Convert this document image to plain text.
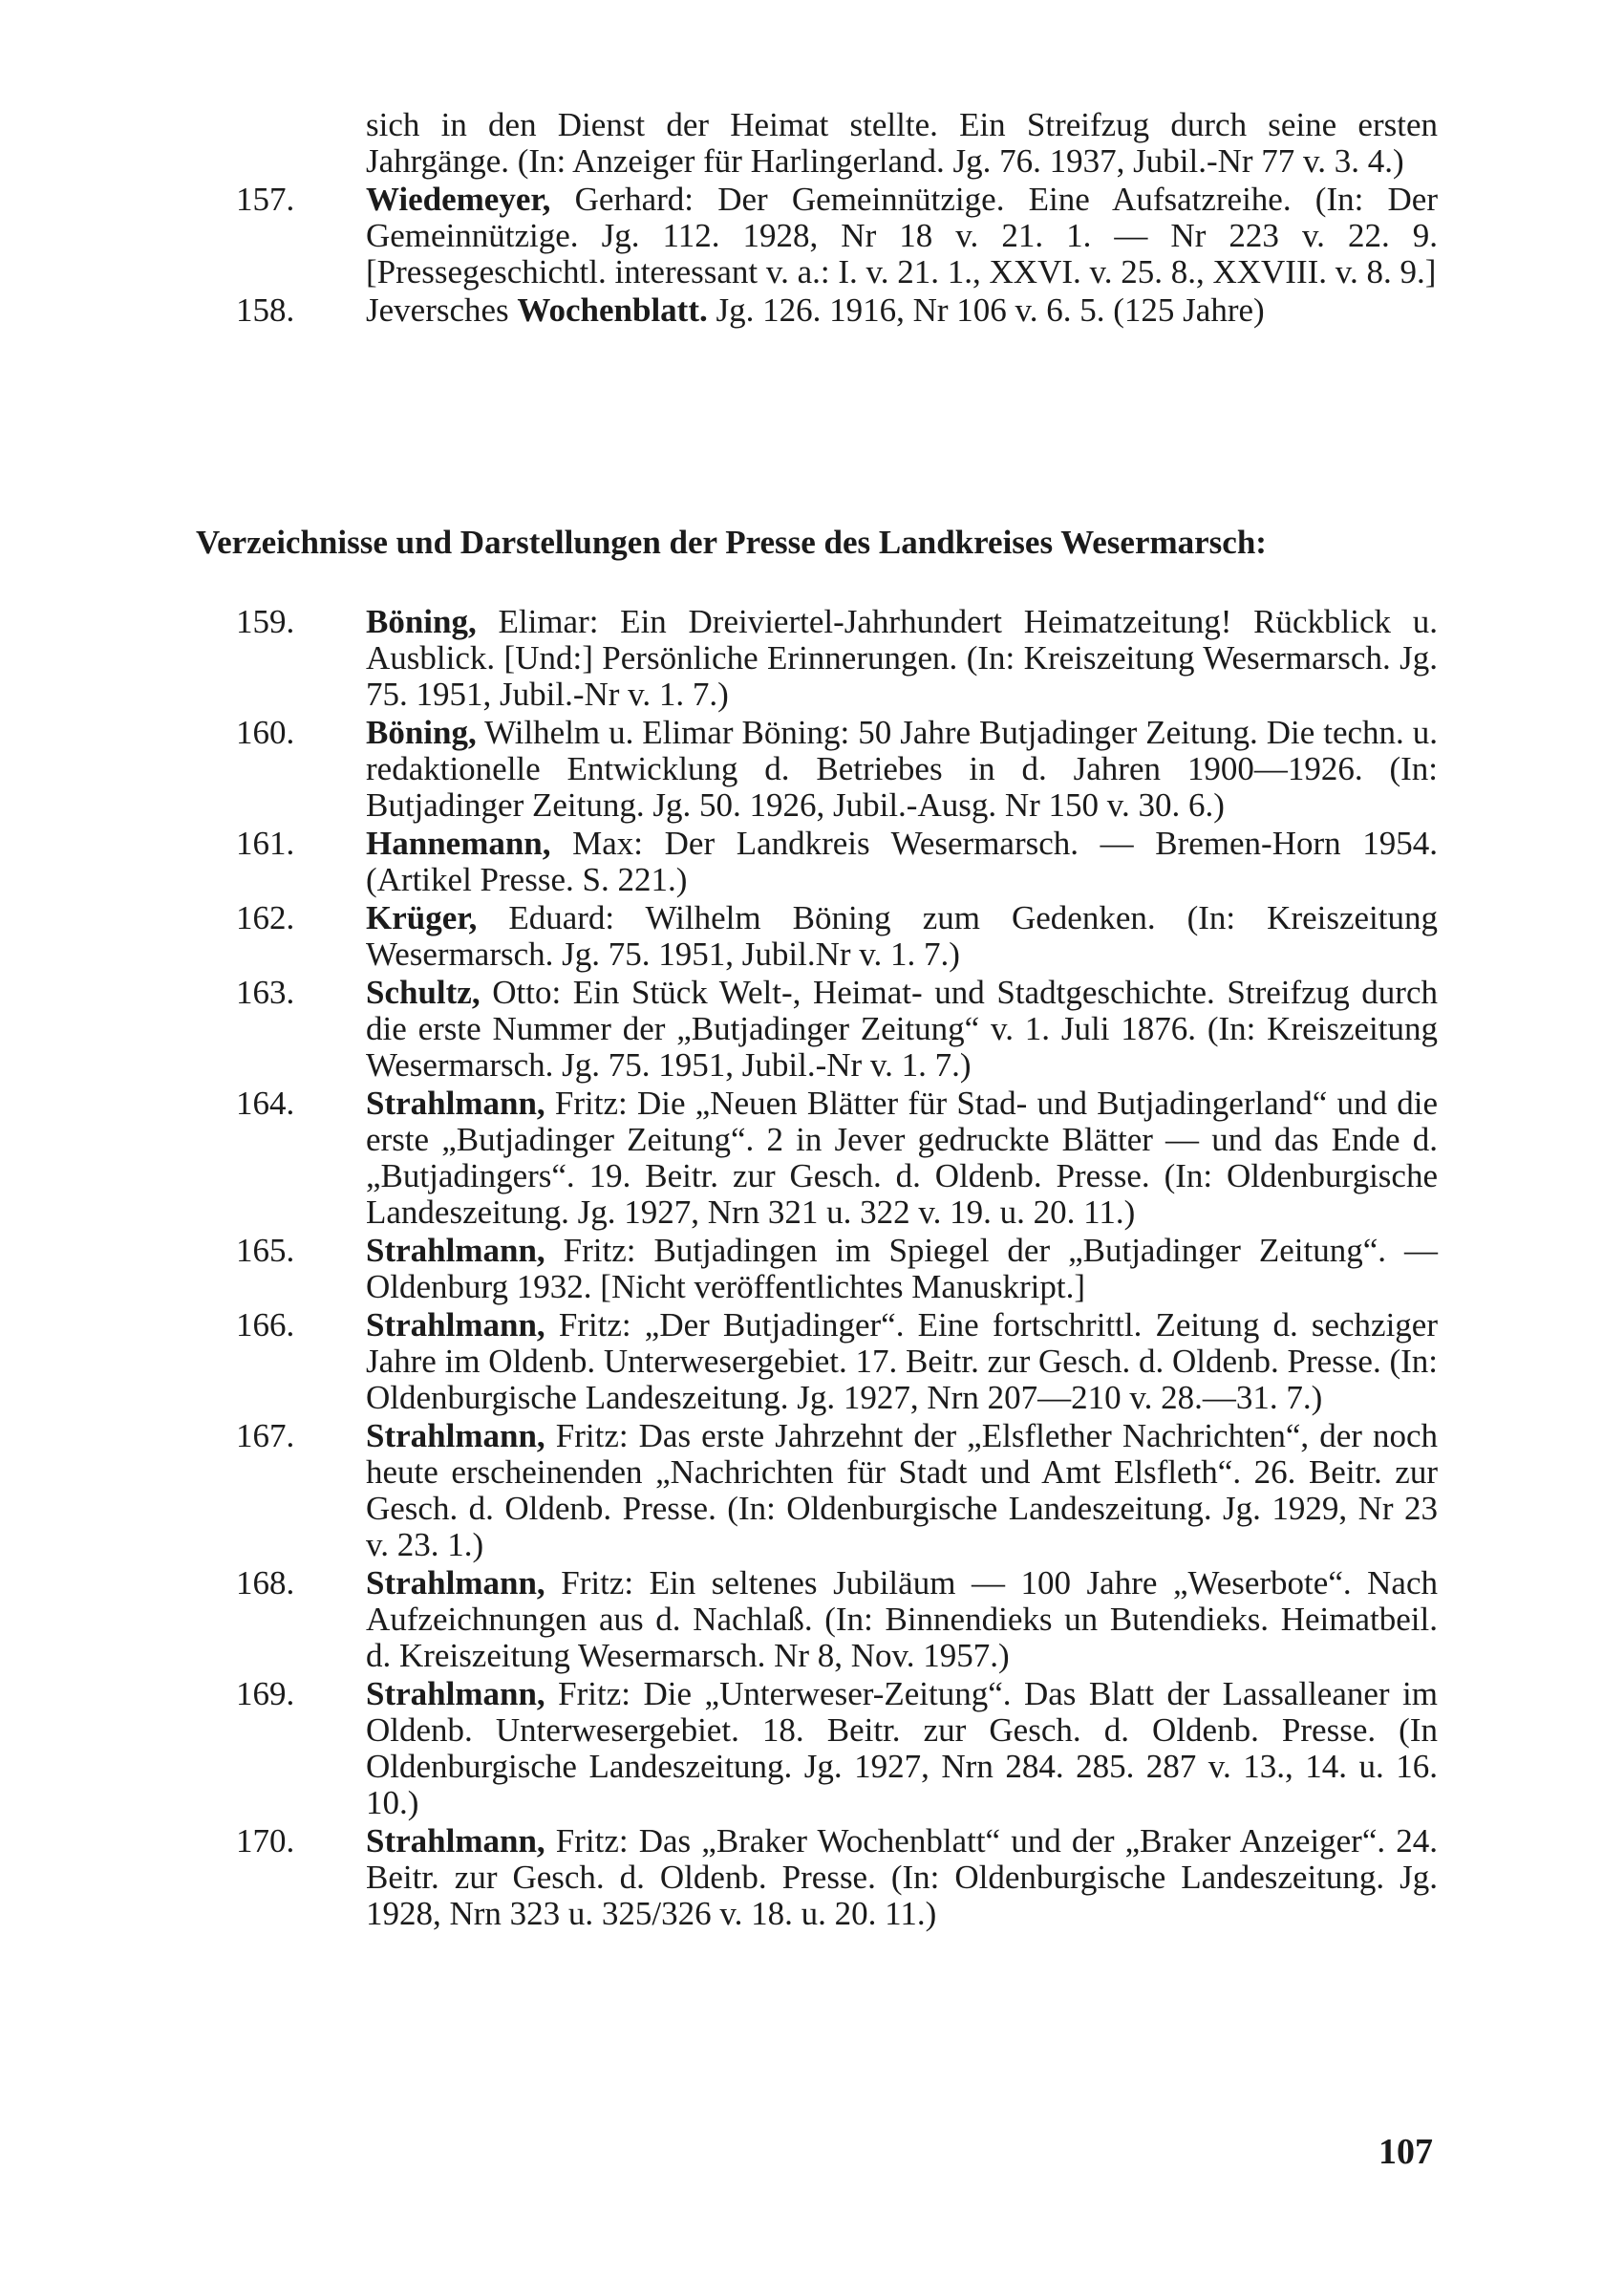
sich in den Dienst der Heimat stellte. Ein Streifzug durch seine ersten Jahrgänge. (In: Anzeiger für Harlingerland. Jg. 76. 1937, Jubil.-Nr 77 v. 3. 4.)
157. Wiedemeyer, Gerhard: Der Gemeinnützige. Eine Aufsatzreihe. (In: Der Gemeinnützige. Jg. 112. 1928, Nr 18 v. 21. 1. — Nr 223 v. 22. 9. [Pressegeschichtl. interessant v. a.: I. v. 21. 1., XXVI. v. 25. 8., XXVIII. v. 8. 9.]
158. Jeversches Wochenblatt. Jg. 126. 1916, Nr 106 v. 6. 5. (125 Jahre)
Verzeichnisse und Darstellungen der Presse des Landkreises Wesermarsch:
159. Böning, Elimar: Ein Dreiviertel-Jahrhundert Heimatzeitung! Rückblick u. Ausblick. [Und:] Persönliche Erinnerungen. (In: Kreiszeitung Wesermarsch. Jg. 75. 1951, Jubil.-Nr v. 1. 7.)
160. Böning, Wilhelm u. Elimar Böning: 50 Jahre Butjadinger Zeitung. Die techn. u. redaktionelle Entwicklung d. Betriebes in d. Jahren 1900—1926. (In: Butjadinger Zeitung. Jg. 50. 1926, Jubil.-Ausg. Nr 150 v. 30. 6.)
161. Hannemann, Max: Der Landkreis Wesermarsch. — Bremen-Horn 1954. (Artikel Presse. S. 221.)
162. Krüger, Eduard: Wilhelm Böning zum Gedenken. (In: Kreiszeitung Wesermarsch. Jg. 75. 1951, Jubil.Nr v. 1. 7.)
163. Schultz, Otto: Ein Stück Welt-, Heimat- und Stadtgeschichte. Streifzug durch die erste Nummer der „Butjadinger Zeitung“ v. 1. Juli 1876. (In: Kreiszeitung Wesermarsch. Jg. 75. 1951, Jubil.-Nr v. 1. 7.)
164. Strahlmann, Fritz: Die „Neuen Blätter für Stad- und Butjadingerland“ und die erste „Butjadinger Zeitung“. 2 in Jever gedruckte Blätter — und das Ende d. „Butjadingers“. 19. Beitr. zur Gesch. d. Oldenb. Presse. (In: Oldenburgische Landeszeitung. Jg. 1927, Nrn 321 u. 322 v. 19. u. 20. 11.)
165. Strahlmann, Fritz: Butjadingen im Spiegel der „Butjadinger Zeitung“. — Oldenburg 1932. [Nicht veröffentlichtes Manuskript.]
166. Strahlmann, Fritz: „Der Butjadinger“. Eine fortschrittl. Zeitung d. sechziger Jahre im Oldenb. Unterwesergebiet. 17. Beitr. zur Gesch. d. Oldenb. Presse. (In: Oldenburgische Landeszeitung. Jg. 1927, Nrn 207—210 v. 28.—31. 7.)
167. Strahlmann, Fritz: Das erste Jahrzehnt der „Elsflether Nachrichten“, der noch heute erscheinenden „Nachrichten für Stadt und Amt Elsfleth“. 26. Beitr. zur Gesch. d. Oldenb. Presse. (In: Oldenburgische Landeszeitung. Jg. 1929, Nr 23 v. 23. 1.)
168. Strahlmann, Fritz: Ein seltenes Jubiläum — 100 Jahre „Weserbote“. Nach Aufzeichnungen aus d. Nachlaß. (In: Binnendieks un Butendieks. Heimatbeil. d. Kreiszeitung Wesermarsch. Nr 8, Nov. 1957.)
169. Strahlmann, Fritz: Die „Unterweser-Zeitung“. Das Blatt der Lassalleaner im Oldenb. Unterwesergebiet. 18. Beitr. zur Gesch. d. Oldenb. Presse. (In Oldenburgische Landeszeitung. Jg. 1927, Nrn 284. 285. 287 v. 13., 14. u. 16. 10.)
170. Strahlmann, Fritz: Das „Braker Wochenblatt“ und der „Braker Anzeiger“. 24. Beitr. zur Gesch. d. Oldenb. Presse. (In: Oldenburgische Landeszeitung. Jg. 1928, Nrn 323 u. 325/326 v. 18. u. 20. 11.)
107
